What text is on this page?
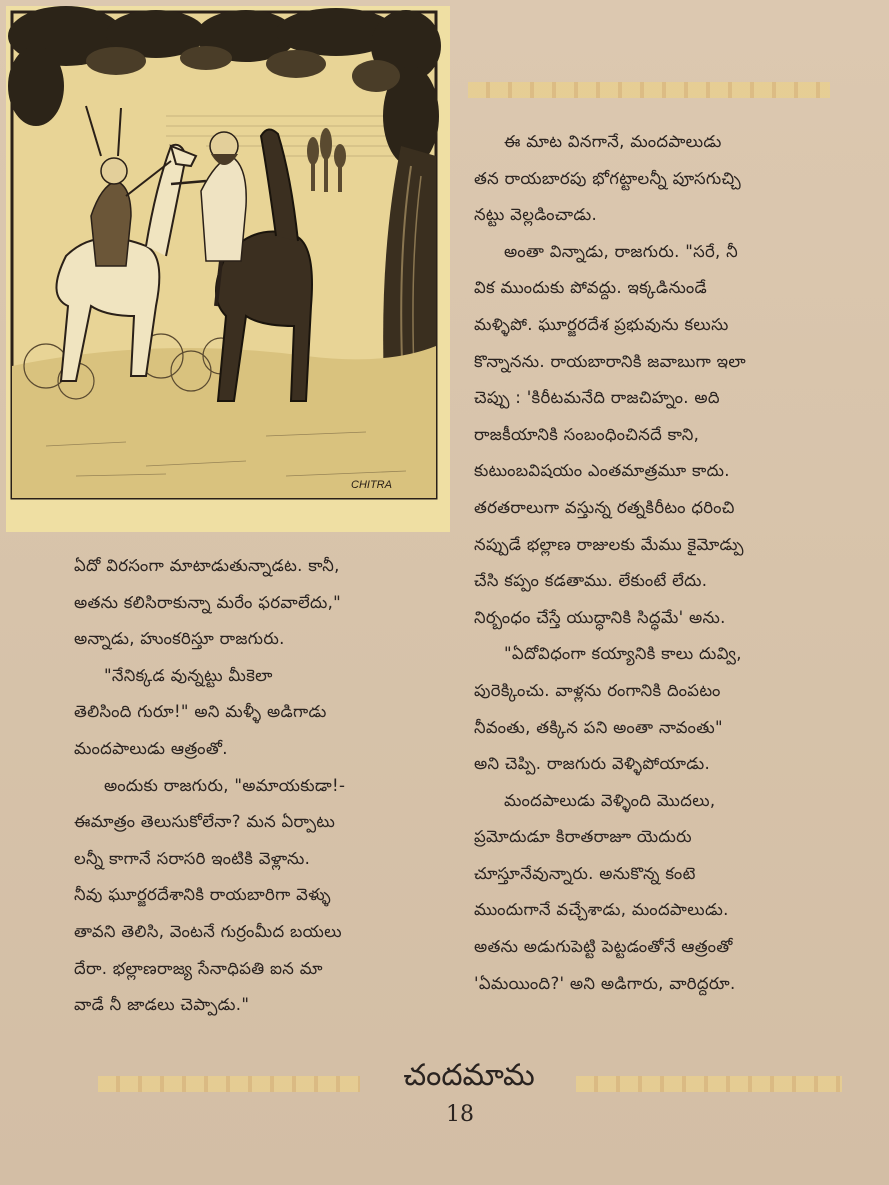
CHITRA
ఈ మాట వినగానే, మందపాలుడు
తన రాయబారపు భోగట్టాలన్నీ పూసగుచ్చి
నట్టు వెల్లడించాడు.
అంతా విన్నాడు, రాజగురు. "సరే, నీ
విక ముందుకు పోవద్దు. ఇక్కడినుండే
మళ్ళిపో. ఘూర్జరదేశ ప్రభువును కలుసు
కొన్నానను. రాయబారానికి జవాబుగా ఇలా
చెప్పు : 'కిరీటమనేది రాజచిహ్నం. అది
రాజకీయానికి సంబంధించినదే కాని,
కుటుంబవిషయం ఎంతమాత్రమూ కాదు.
తరతరాలుగా వస్తున్న రత్నకిరీటం ధరించి
నప్పుడే భల్లాణ రాజులకు మేము కైమోడ్పు
చేసి కప్పం కడతాము. లేకుంటే లేదు.
నిర్బంధం చేస్తే యుద్ధానికి సిద్ధమే' అను.
"ఏదోవిధంగా కయ్యానికి కాలు దువ్వి,
పురెక్కించు. వాళ్లను రంగానికి దింపటం
నీవంతు, తక్కిన పని అంతా నావంతు"
అని చెప్పి. రాజగురు వెళ్ళిపోయాడు.
మందపాలుడు వెళ్ళింది మొదలు,
ప్రమోదుడూ కిరాతరాజూ యెదురు
చూస్తూనేవున్నారు. అనుకొన్న కంటె
ముందుగానే వచ్చేశాడు, మందపాలుడు.
అతను అడుగుపెట్టి పెట్టడంతోనే ఆత్రంతో
'ఏమయింది?' అని అడిగారు, వారిద్దరూ.
ఏదో విరసంగా మాటాడుతున్నాడట. కానీ,
అతను కలిసిరాకున్నా మరేం ఫరవాలేదు,"
అన్నాడు, హుంకరిస్తూ రాజగురు.
"నేనిక్కడ వున్నట్టు మీకెలా
తెలిసింది గురూ!" అని మళ్ళీ అడిగాడు
మందపాలుడు ఆత్రంతో.
అందుకు రాజగురు, "అమాయకుడా!-
ఈమాత్రం తెలుసుకోలేనా? మన ఏర్పాటు
లన్నీ కాగానే సరాసరి ఇంటికి వెళ్లాను.
నీవు ఘూర్జరదేశానికి రాయబారిగా వెళ్ళు
తావని తెలిసి, వెంటనే గుర్రంమీద బయలు
దేరా. భల్లాణరాజ్య సేనాధిపతి ఐన మా
వాడే నీ జాడలు చెప్పాడు."
చందమామ
18
